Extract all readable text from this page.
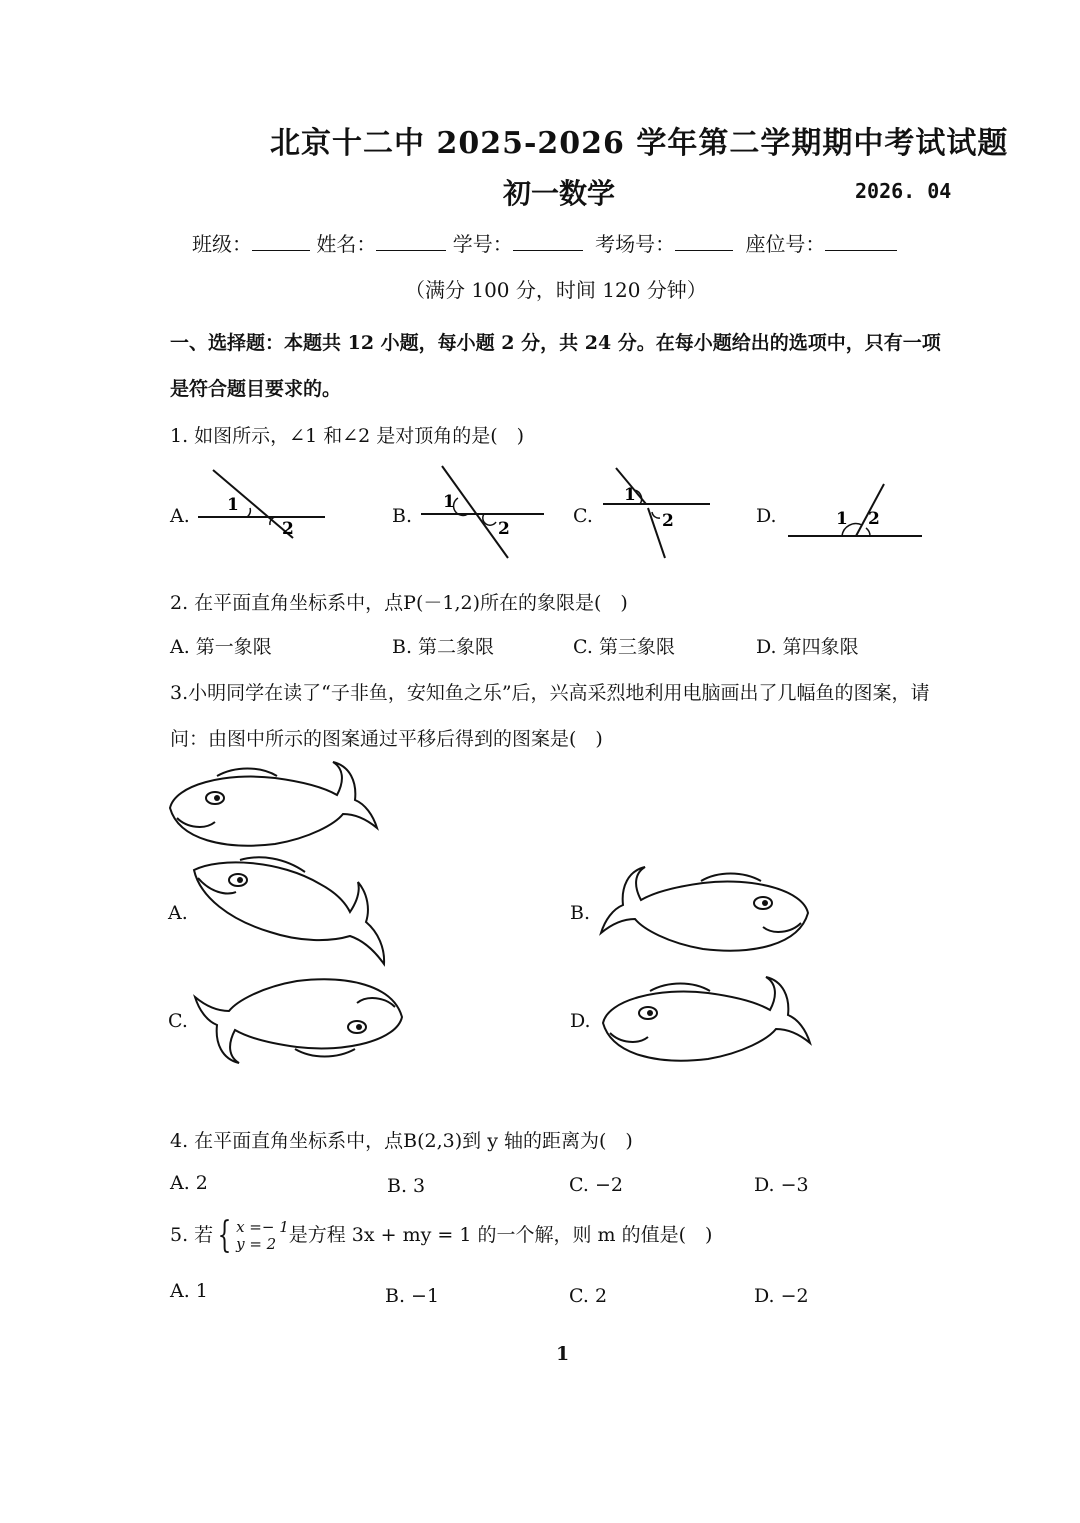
北京十二中 2025-2026 学年第二学期期中考试试题
初一数学	2026. 04
班级：	姓名：	学号：	考场号：	座位号：
（满分 100 分，时间 120 分钟）
一、选择题：本题共 12 小题，每小题 2 分，共 24 分。在每小题给出的选项中，只有一项
是符合题目要求的。
1. 如图所示，∠1 和∠2 是对顶角的是(　)
A.	B.	C.	D.
1
2
1
2
1
2	1 2
2. 在平面直角坐标系中，点P(－1,2)所在的象限是(　)
A. 第一象限	B. 第二象限	C. 第三象限	D. 第四象限
3.小明同学在读了“子非鱼，安知鱼之乐”后，兴高采烈地利用电脑画出了几幅鱼的图案，请
问：由图中所示的图案通过平移后得到的图案是(　)
A.	B.
C.	D.
4. 在平面直角坐标系中，点B(2,3)到 y 轴的距离为(　)
A. 2	B. 3	C. −2	D. −3
5. 若 { x =− 1
y = 2 是方程 3x + my = 1 的一个解，则 m 的值是(　)
A. 1	B. −1	C. 2	D. −2
1
